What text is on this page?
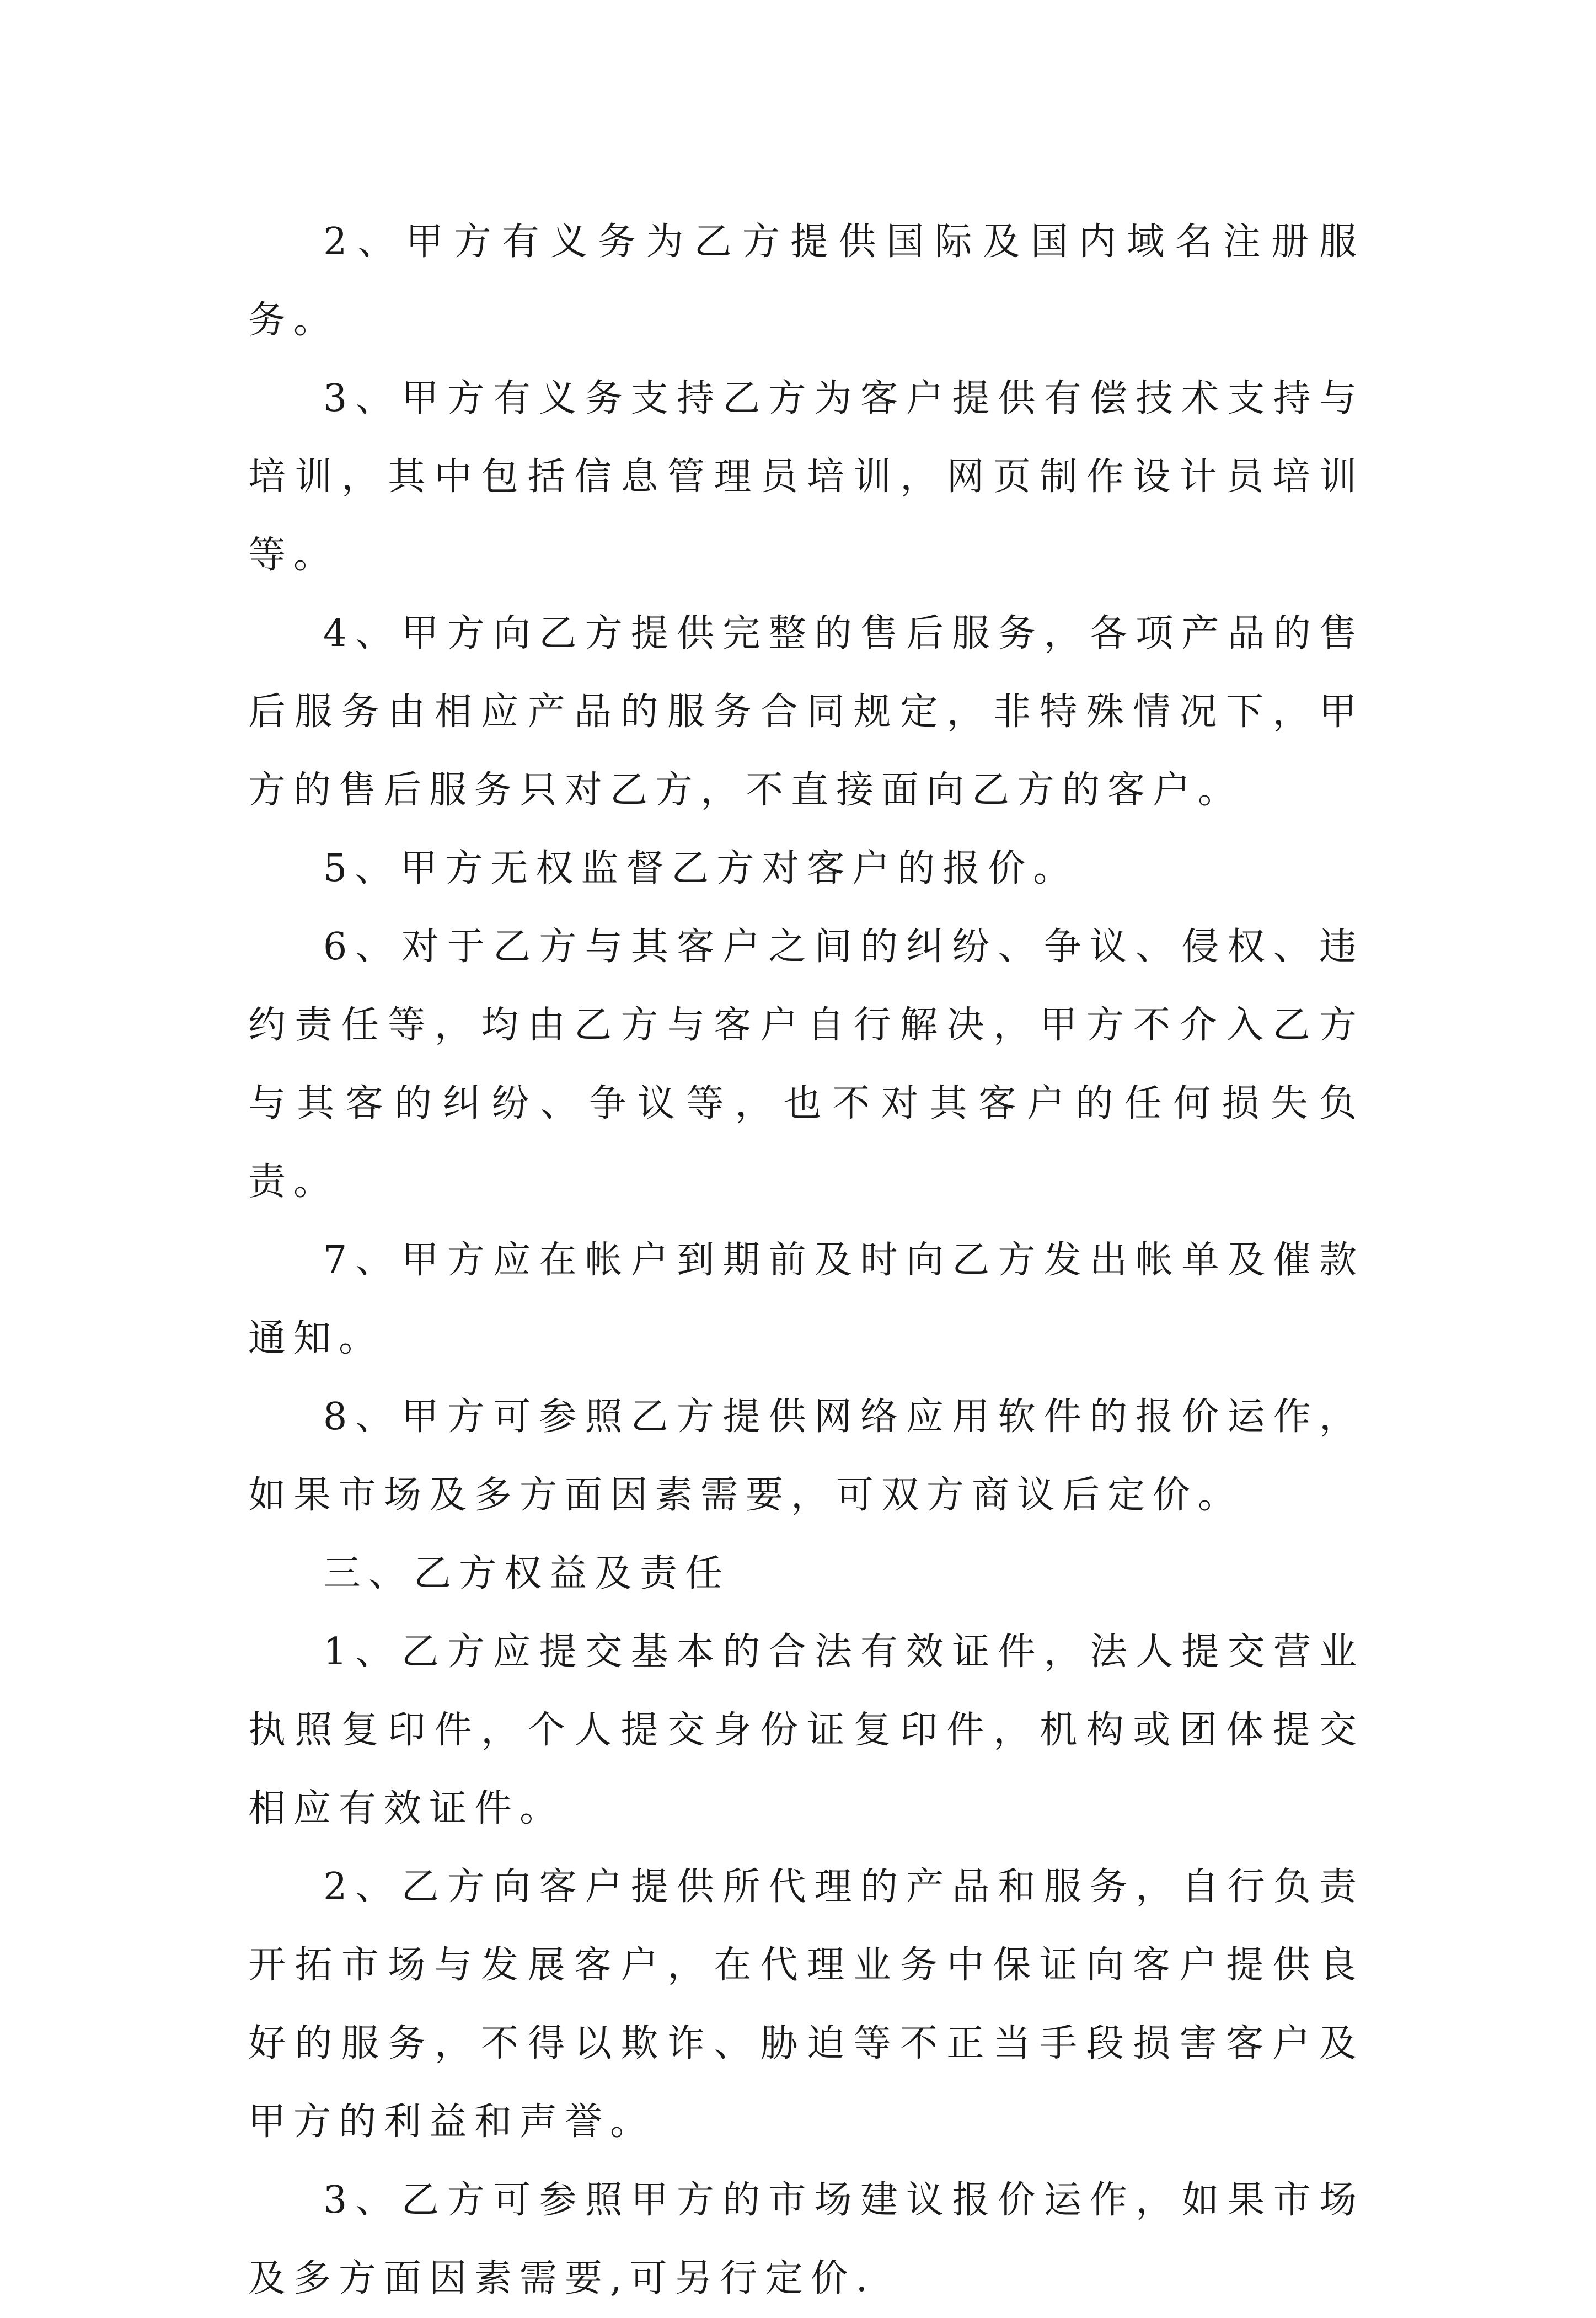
2、甲方有义务为乙方提供国际及国内域名注册服务。

3、甲方有义务支持乙方为客户提供有偿技术支持与培训，其中包括信息管理员培训，网页制作设计员培训等。

4、甲方向乙方提供完整的售后服务，各项产品的售后服务由相应产品的服务合同规定，非特殊情况下，甲方的售后服务只对乙方，不直接面向乙方的客户。

5、甲方无权监督乙方对客户的报价。

6、对于乙方与其客户之间的纠纷、争议、侵权、违约责任等，均由乙方与客户自行解决，甲方不介入乙方与其客的纠纷、争议等，也不对其客户的任何损失负责。

7、甲方应在帐户到期前及时向乙方发出帐单及催款通知。

8、甲方可参照乙方提供网络应用软件的报价运作，如果市场及多方面因素需要，可双方商议后定价。

三、乙方权益及责任

1、乙方应提交基本的合法有效证件，法人提交营业执照复印件，个人提交身份证复印件，机构或团体提交相应有效证件。

2、乙方向客户提供所代理的产品和服务，自行负责开拓市场与发展客户，在代理业务中保证向客户提供良好的服务，不得以欺诈、胁迫等不正当手段损害客户及甲方的利益和声誉。

3、乙方可参照甲方的市场建议报价运作，如果市场及多方面因素需要,可另行定价.
